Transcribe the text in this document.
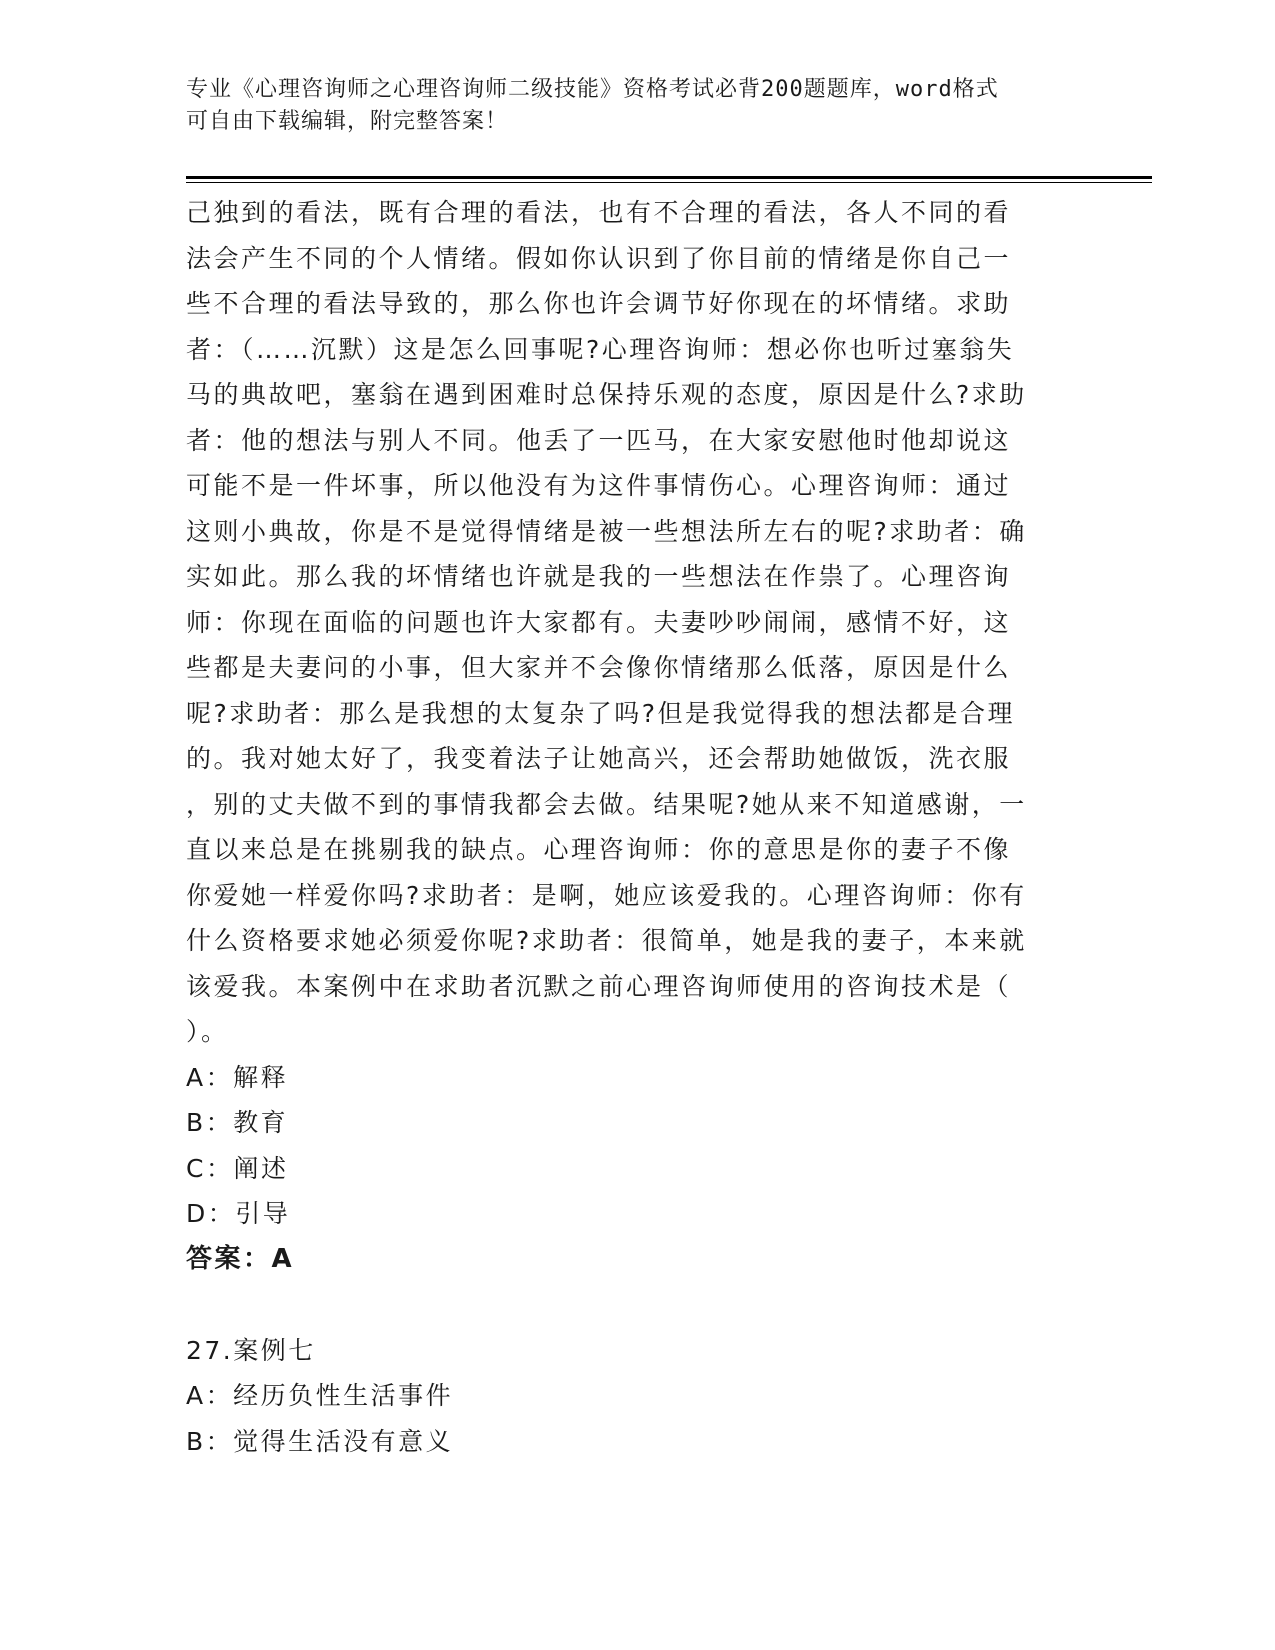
专业《心理咨询师之心理咨询师二级技能》资格考试必背200题题库，word格式
可自由下载编辑，附完整答案！
己独到的看法，既有合理的看法，也有不合理的看法，各人不同的看
法会产生不同的个人情绪。假如你认识到了你目前的情绪是你自己一
些不合理的看法导致的，那么你也许会调节好你现在的坏情绪。求助
者：（……沉默）这是怎么回事呢?心理咨询师：想必你也听过塞翁失
马的典故吧，塞翁在遇到困难时总保持乐观的态度，原因是什么?求助
者：他的想法与别人不同。他丢了一匹马，在大家安慰他时他却说这
可能不是一件坏事，所以他没有为这件事情伤心。心理咨询师：通过
这则小典故，你是不是觉得情绪是被一些想法所左右的呢?求助者：确
实如此。那么我的坏情绪也许就是我的一些想法在作祟了。心理咨询
师：你现在面临的问题也许大家都有。夫妻吵吵闹闹，感情不好，这
些都是夫妻问的小事，但大家并不会像你情绪那么低落，原因是什么
呢?求助者：那么是我想的太复杂了吗?但是我觉得我的想法都是合理
的。我对她太好了，我变着法子让她高兴，还会帮助她做饭，洗衣服
，别的丈夫做不到的事情我都会去做。结果呢?她从来不知道感谢，一
直以来总是在挑剔我的缺点。心理咨询师：你的意思是你的妻子不像
你爱她一样爱你吗?求助者：是啊，她应该爱我的。心理咨询师：你有
什么资格要求她必须爱你呢?求助者：很简单，她是我的妻子，本来就
该爱我。本案例中在求助者沉默之前心理咨询师使用的咨询技术是（
）。
A：解释
B：教育
C：阐述
D：引导
答案：A
27.案例七
A：经历负性生活事件
B：觉得生活没有意义
